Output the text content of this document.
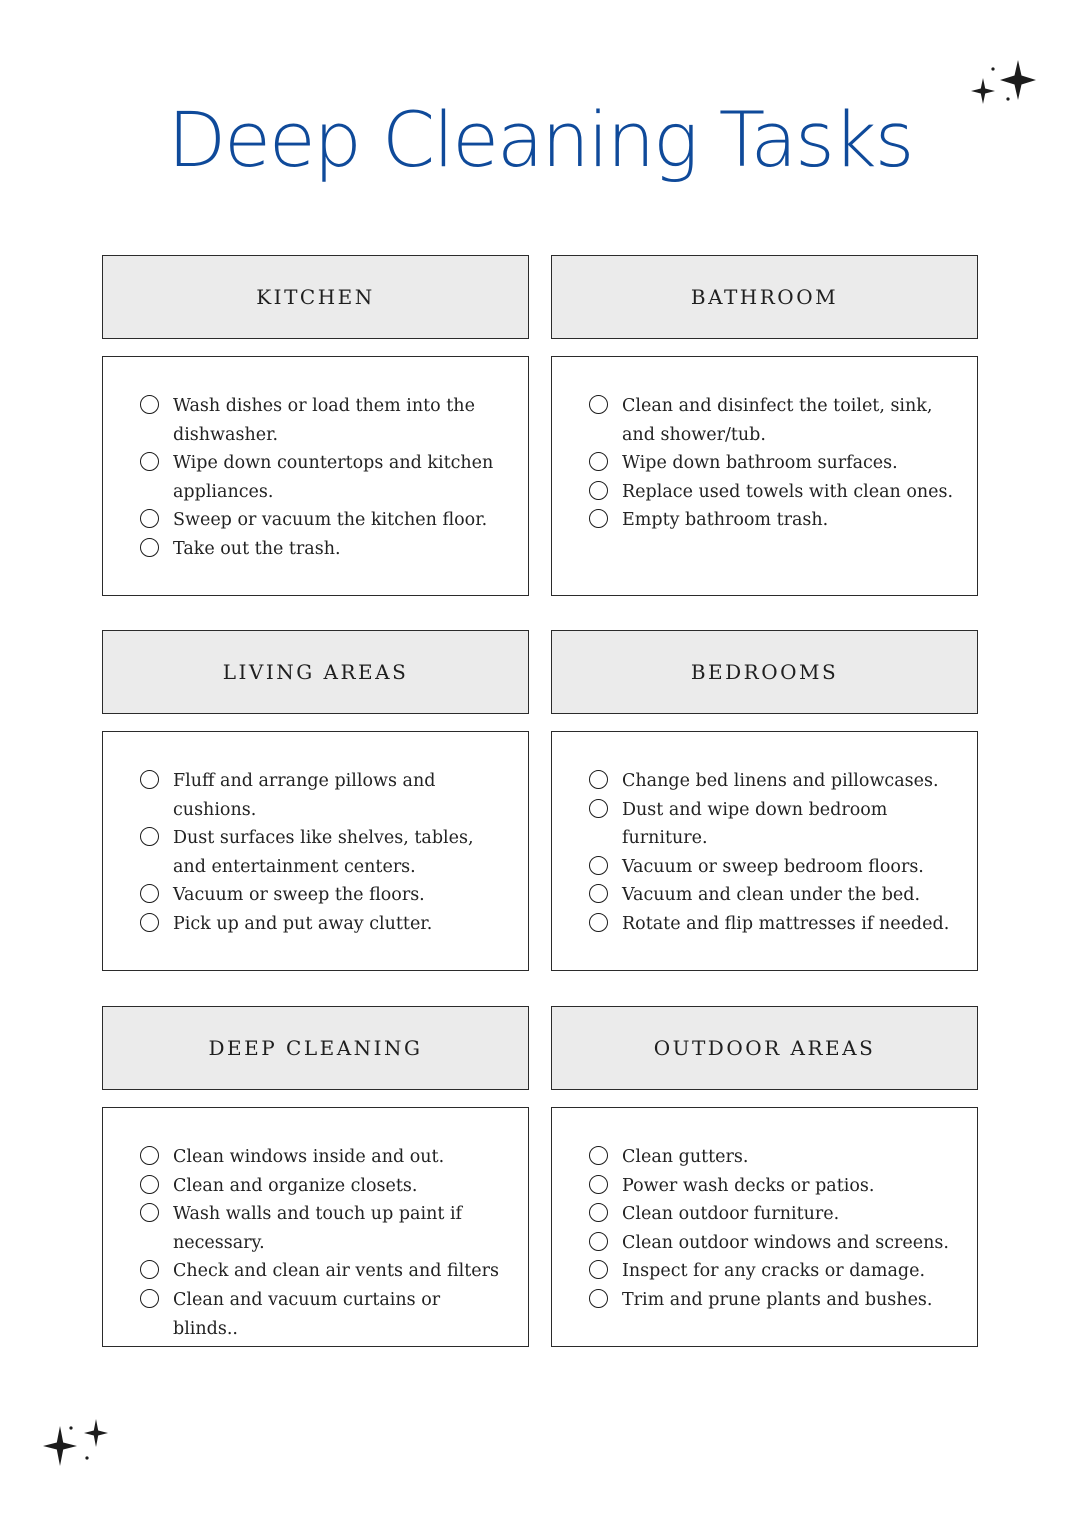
Deep Cleaning Tasks
KITCHEN
Wash dishes or load them into the dishwasher.
Wipe down countertops and kitchen appliances.
Sweep or vacuum the kitchen floor.
Take out the trash.
BATHROOM
Clean and disinfect the toilet, sink, and shower/tub.
Wipe down bathroom surfaces.
Replace used towels with clean ones.
Empty bathroom trash.
LIVING AREAS
Fluff and arrange pillows and cushions.
Dust surfaces like shelves, tables, and entertainment centers.
Vacuum or sweep the floors.
Pick up and put away clutter.
BEDROOMS
Change bed linens and pillowcases.
Dust and wipe down bedroom furniture.
Vacuum or sweep bedroom floors.
Vacuum and clean under the bed.
Rotate and flip mattresses if needed.
DEEP CLEANING
Clean windows inside and out.
Clean and organize closets.
Wash walls and touch up paint if necessary.
Check and clean air vents and filters
Clean and vacuum curtains or blinds..
OUTDOOR AREAS
Clean gutters.
Power wash decks or patios.
Clean outdoor furniture.
Clean outdoor windows and screens.
Inspect for any cracks or damage.
Trim and prune plants and bushes.
